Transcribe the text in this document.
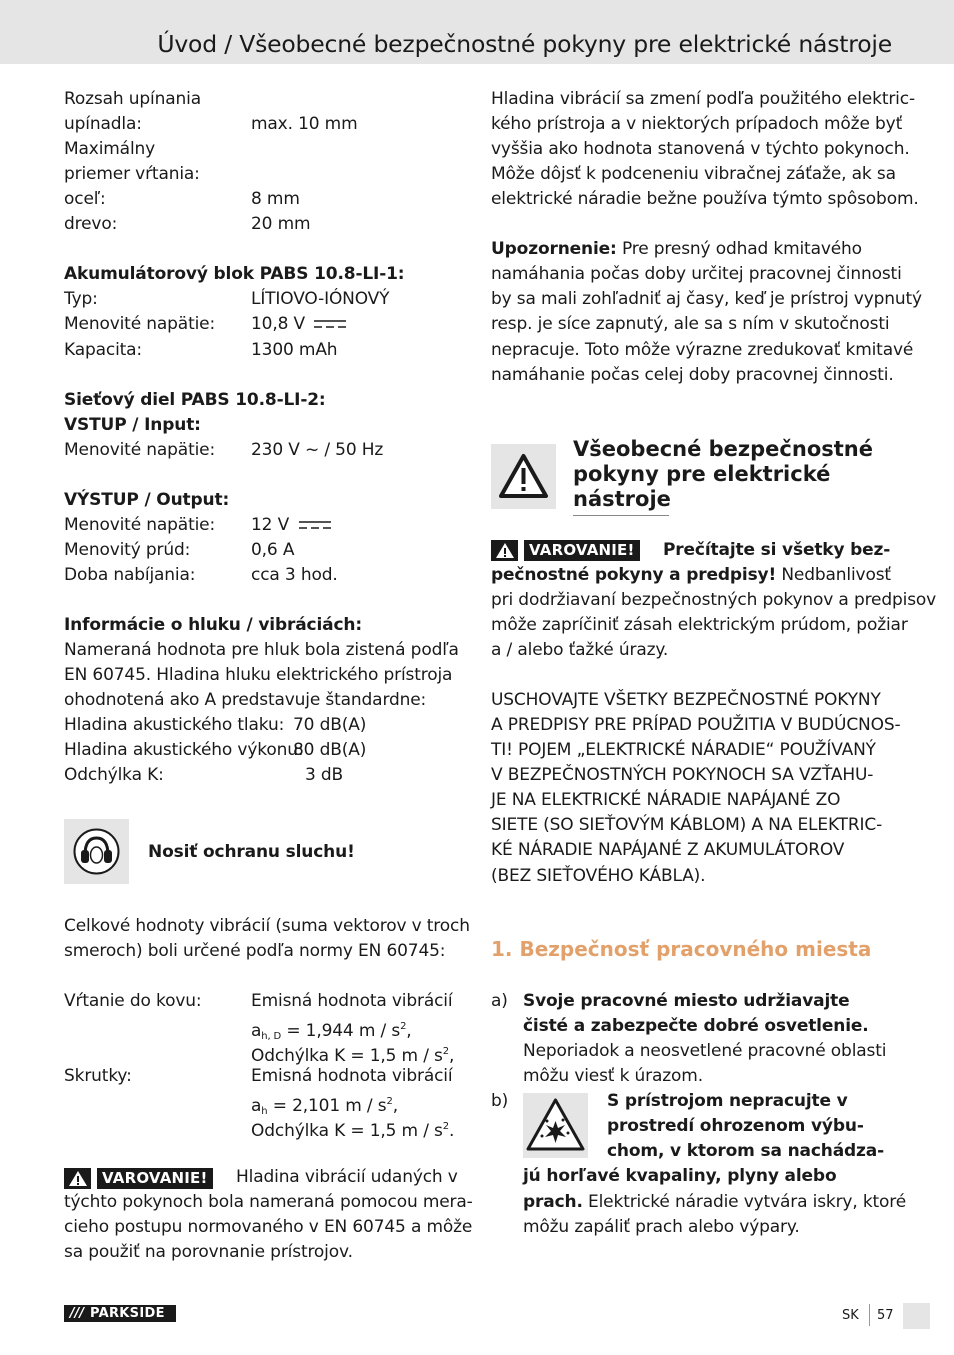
Úvod / Všeobecné bezpečnostné pokyny pre elektrické nástroje
Rozsah upínania
upínadla:	max. 10 mm
Maximálny
priemer vŕtania:
oceľ:	8 mm
drevo:	20 mm
Akumulátorový blok PABS 10.8-LI-1:
Typ:	LÍTIOVO-IÓNOVÝ
Menovité napätie: 10,8 V
Kapacita:	1300 mAh
Sieťový diel PABS 10.8-LI-2:
VSTUP / Input:
Menovité napätie: 230 V ~ / 50 Hz
VÝSTUP / Output:
Menovité napätie: 12 V
Menovitý prúd:	0,6 A
Doba nabíjania:	cca 3 hod.
Informácie o hluku / vibráciách:
Nameraná hodnota pre hluk bola zistená podľa
EN 60745. Hladina hluku elektrického prístroja
ohodnotená ako A predstavuje štandardne:
Hladina akustického tlaku: 70 dB(A)
Hladina akustického výkonu:
80 dB(A)
Odchýlka K:	3 dB
Nosiť ochranu sluchu!
Celkové hodnoty vibrácií (suma vektorov v troch
smeroch) boli určené podľa normy EN 60745:
Vŕtanie do kovu:	Emisná hodnota vibrácií
$a_{h, D} = 1,944$ m / $s^2$,
Odchýlka K = 1,5 m / $s^2$,
Skrutky:	Emisná hodnota vibrácií
$a_h = 2,101$ m / $s^2$,
Odchýlka K = 1,5 m / $s^2$.
VAROVANIE! Hladina vibrácií udaných v
týchto pokynoch bola nameraná pomocou mera-
cieho postupu normovaného v EN 60745 a môže
sa použiť na porovnanie prístrojov.
Hladina vibrácií sa zmení podľa použitého elektric-
kého prístroja a v niektorých prípadoch môže byť
vyššia ako hodnota stanovená v týchto pokynoch.
Môže dôjsť k podceneniu vibračnej záťaže, ak sa
elektrické náradie bežne používa týmto spôsobom.
Upozornenie: Pre presný odhad kmitavého
namáhania počas doby určitej pracovnej činnosti
by sa mali zohľadniť aj časy, keď je prístroj vypnutý
resp. je síce zapnutý, ale sa s ním v skutočnosti
nepracuje. Toto môže výrazne zredukovať kmitavé
namáhanie počas celej doby pracovnej činnosti.
Všeobecné bezpečnostné
pokyny pre elektrické
nástroje
VAROVANIE! Prečítajte si všetky bez-
pečnostné pokyny a predpisy! Nedbanlivosť
pri dodržiavaní bezpečnostných pokynov a predpisov
môže zapríčiniť zásah elektrickým prúdom, požiar
a / alebo ťažké úrazy.
USCHOVAJTE VŠETKY BEZPEČNOSTNÉ POKYNY
A PREDPISY PRE PRÍPAD POUŽITIA V BUDÚCNOS-
TI! POJEM „ELEKTRICKÉ NÁRADIE“ POUŽÍVANÝ
V BEZPEČNOSTNÝCH POKYNOCH SA VZŤAHU-
JE NA ELEKTRICKÉ NÁRADIE NAPÁJANÉ ZO
SIETE (SO SIEŤOVÝM KÁBLOM) A NA ELEKTRIC-
KÉ NÁRADIE NAPÁJANÉ Z AKUMULÁTOROV
(BEZ SIEŤOVÉHO KÁBLA).
1. Bezpečnosť pracovného miesta
a) Svoje pracovné miesto udržiavajte
čisté a zabezpečte dobré osvetlenie.
Neporiadok a neosvetlené pracovné oblasti
môžu viesť k úrazom.
b)	S prístrojom nepracujte v
prostredí ohrozenom výbu-
chom, v ktorom sa nachádza-
jú horľavé kvapaliny, plyny alebo
prach. Elektrické náradie vytvára iskry, ktoré
môžu zapáliť prach alebo výpary.
/// PARKSIDE	SK 57
